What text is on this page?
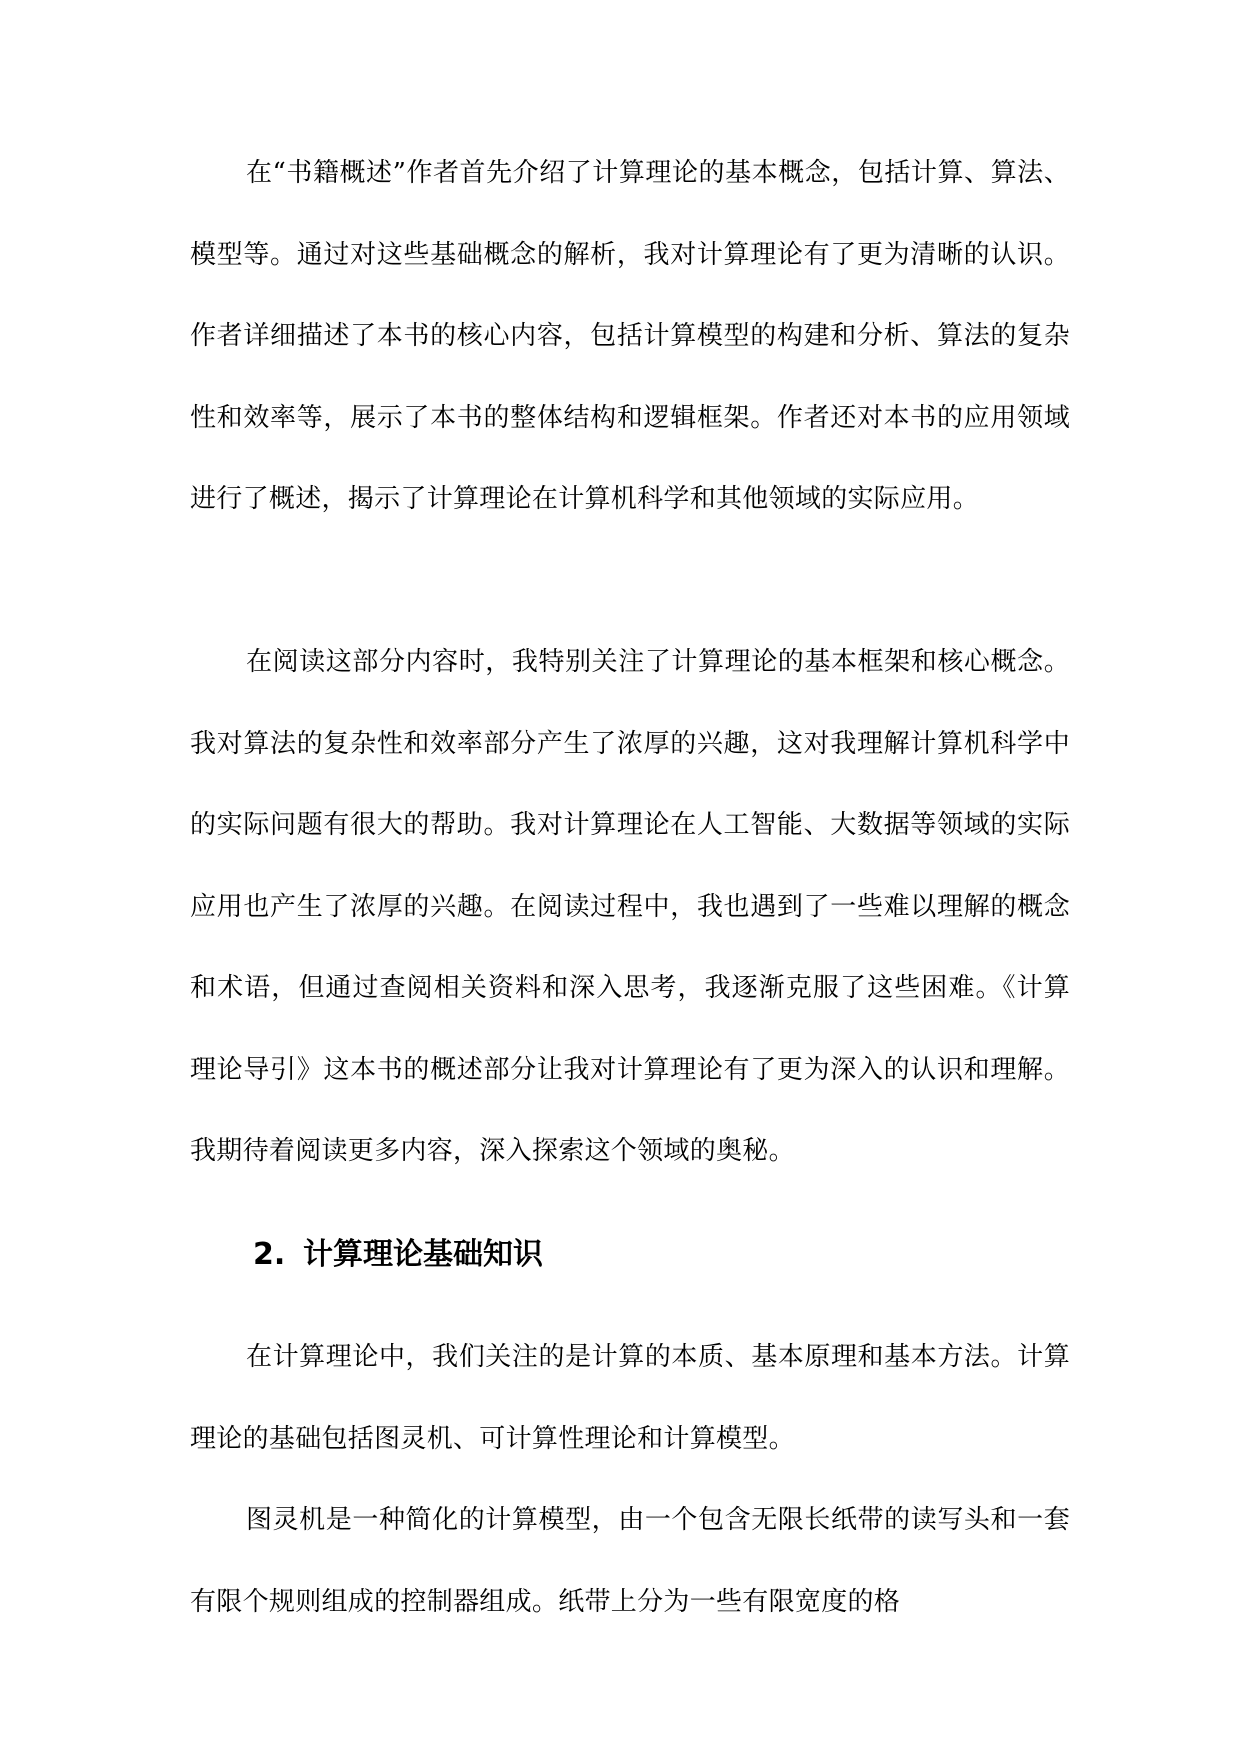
在“书籍概述”作者首先介绍了计算理论的基本概念，包括计算、算法、模型等。通过对这些基础概念的解析，我对计算理论有了更为清晰的认识。作者详细描述了本书的核心内容，包括计算模型的构建和分析、算法的复杂性和效率等，展示了本书的整体结构和逻辑框架。作者还对本书的应用领域进行了概述，揭示了计算理论在计算机科学和其他领域的实际应用。

在阅读这部分内容时，我特别关注了计算理论的基本框架和核心概念。我对算法的复杂性和效率部分产生了浓厚的兴趣，这对我理解计算机科学中的实际问题有很大的帮助。我对计算理论在人工智能、大数据等领域的实际应用也产生了浓厚的兴趣。在阅读过程中，我也遇到了一些难以理解的概念和术语，但通过查阅相关资料和深入思考，我逐渐克服了这些困难。《计算理论导引》这本书的概述部分让我对计算理论有了更为深入的认识和理解。我期待着阅读更多内容，深入探索这个领域的奥秘。

2. 计算理论基础知识

在计算理论中，我们关注的是计算的本质、基本原理和基本方法。计算理论的基础包括图灵机、可计算性理论和计算模型。

图灵机是一种简化的计算模型，由一个包含无限长纸带的读写头和一套有限个规则组成的控制器组成。纸带上分为一些有限宽度的格
